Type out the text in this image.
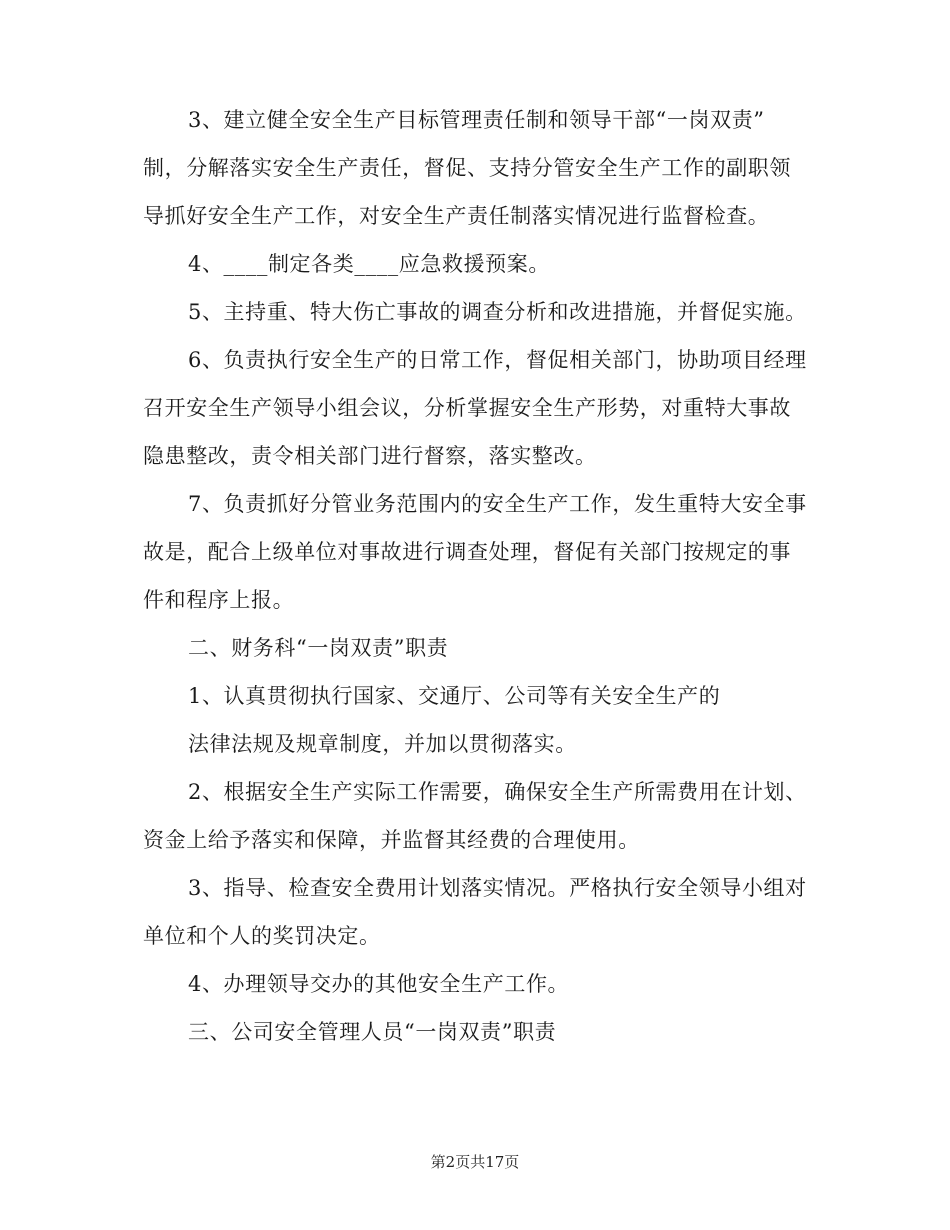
3、建立健全安全生产目标管理责任制和领导干部“一岗双责”
制，分解落实安全生产责任，督促、支持分管安全生产工作的副职领
导抓好安全生产工作，对安全生产责任制落实情况进行监督检查。
4、____制定各类____应急救援预案。
5、主持重、特大伤亡事故的调查分析和改进措施，并督促实施。
6、负责执行安全生产的日常工作，督促相关部门，协助项目经理
召开安全生产领导小组会议，分析掌握安全生产形势，对重特大事故
隐患整改，责令相关部门进行督察，落实整改。
7、负责抓好分管业务范围内的安全生产工作，发生重特大安全事
故是，配合上级单位对事故进行调查处理，督促有关部门按规定的事
件和程序上报。
二、财务科“一岗双责”职责
1、认真贯彻执行国家、交通厅、公司等有关安全生产的
法律法规及规章制度，并加以贯彻落实。
2、根据安全生产实际工作需要，确保安全生产所需费用在计划、
资金上给予落实和保障，并监督其经费的合理使用。
3、指导、检查安全费用计划落实情况。严格执行安全领导小组对
单位和个人的奖罚决定。
4、办理领导交办的其他安全生产工作。
三、公司安全管理人员“一岗双责”职责
第2页共17页
